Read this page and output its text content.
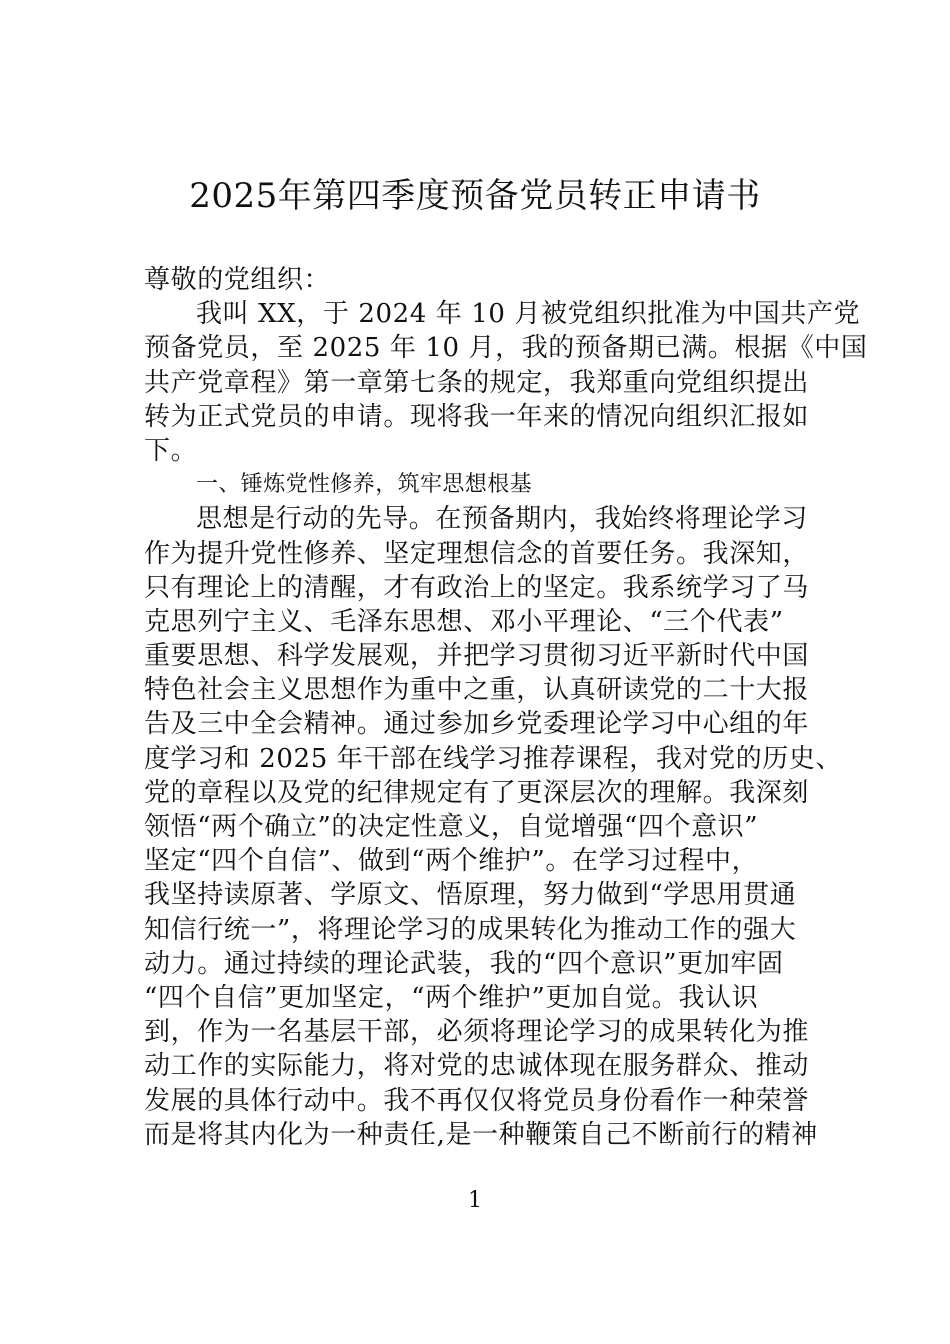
2025年第四季度预备党员转正申请书
尊敬的党组织：
我叫 XX，于 2024 年 10 月被党组织批准为中国共产党
预备党员，至 2025 年 10 月，我的预备期已满。根据《中国
共产党章程》第一章第七条的规定，我郑重向党组织提出
转为正式党员的申请。现将我一年来的情况向组织汇报如
下。
一、锤炼党性修养，筑牢思想根基
思想是行动的先导。在预备期内，我始终将理论学习
作为提升党性修养、坚定理想信念的首要任务。我深知，
只有理论上的清醒，才有政治上的坚定。我系统学习了马
克思列宁主义、毛泽东思想、邓小平理论、“三个代表”
重要思想、科学发展观，并把学习贯彻习近平新时代中国
特色社会主义思想作为重中之重，认真研读党的二十大报
告及三中全会精神。通过参加乡党委理论学习中心组的年
度学习和 2025 年干部在线学习推荐课程，我对党的历史、
党的章程以及党的纪律规定有了更深层次的理解。我深刻
领悟“两个确立”的决定性意义，自觉增强“四个意识”
坚定“四个自信”、做到“两个维护”。在学习过程中，
我坚持读原著、学原文、悟原理，努力做到“学思用贯通
知信行统一”，将理论学习的成果转化为推动工作的强大
动力。通过持续的理论武装，我的“四个意识”更加牢固
“四个自信”更加坚定，“两个维护”更加自觉。我认识
到，作为一名基层干部，必须将理论学习的成果转化为推
动工作的实际能力，将对党的忠诚体现在服务群众、推动
发展的具体行动中。我不再仅仅将党员身份看作一种荣誉
而是将其内化为一种责任,是一种鞭策自己不断前行的精神
1
